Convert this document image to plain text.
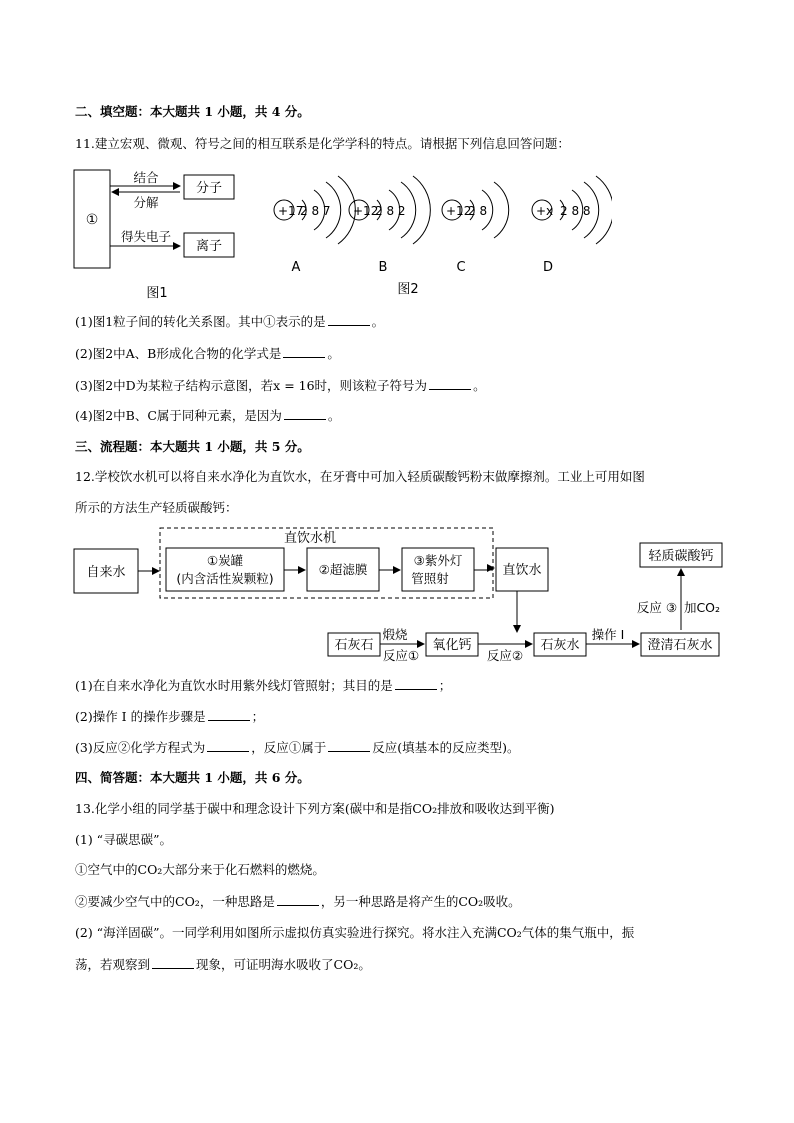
二、填空题：本大题共 1 小题，共 4 分。
11.建立宏观、微观、符号之间的相互联系是化学学科的特点。请根据下列信息回答问题：
①
结合
分解
分子
得失电子
离子
图1
+17
2 8 7
A
+12
2 8 2
B
+12
2 8
C
+x 2 8 8
D
图2
(1)图1粒子间的转化关系图。其中①表示的是	。
(2)图2中A、B形成化合物的化学式是	。
(3)图2中D为某粒子结构示意图，若x = 16时，则该粒子符号为	。
(4)图2中B、C属于同种元素，是因为	。
三、流程题：本大题共 1 小题，共 5 分。
12.学校饮水机可以将自来水净化为直饮水，在牙膏中可加入轻质碳酸钙粉末做摩擦剂。工业上可用如图
所示的方法生产轻质碳酸钙：
自来水
直饮水机
①炭罐
(内含活性炭颗粒)
②超滤膜
③紫外灯
管照射
直饮水
轻质碳酸钙
反应 ③ 加CO₂
石灰石
煅烧
反应①
氧化钙
反应②
石灰水
操作 I
澄清石灰水
(1)在自来水净化为直饮水时用紫外线灯管照射；其目的是	；
(2)操作 I 的操作步骤是	；
(3)反应②化学方程式为	，反应①属于	反应(填基本的反应类型)。
四、简答题：本大题共 1 小题，共 6 分。
13.化学小组的同学基于碳中和理念设计下列方案(碳中和是指CO₂排放和吸收达到平衡)
(1) “寻碳思碳”。
①空气中的CO₂大部分来于化石燃料的燃烧。
②要减少空气中的CO₂，一种思路是	，另一种思路是将产生的CO₂吸收。
(2) “海洋固碳”。一同学利用如图所示虚拟仿真实验进行探究。将水注入充满CO₂气体的集气瓶中，振
荡，若观察到	现象，可证明海水吸收了CO₂。
